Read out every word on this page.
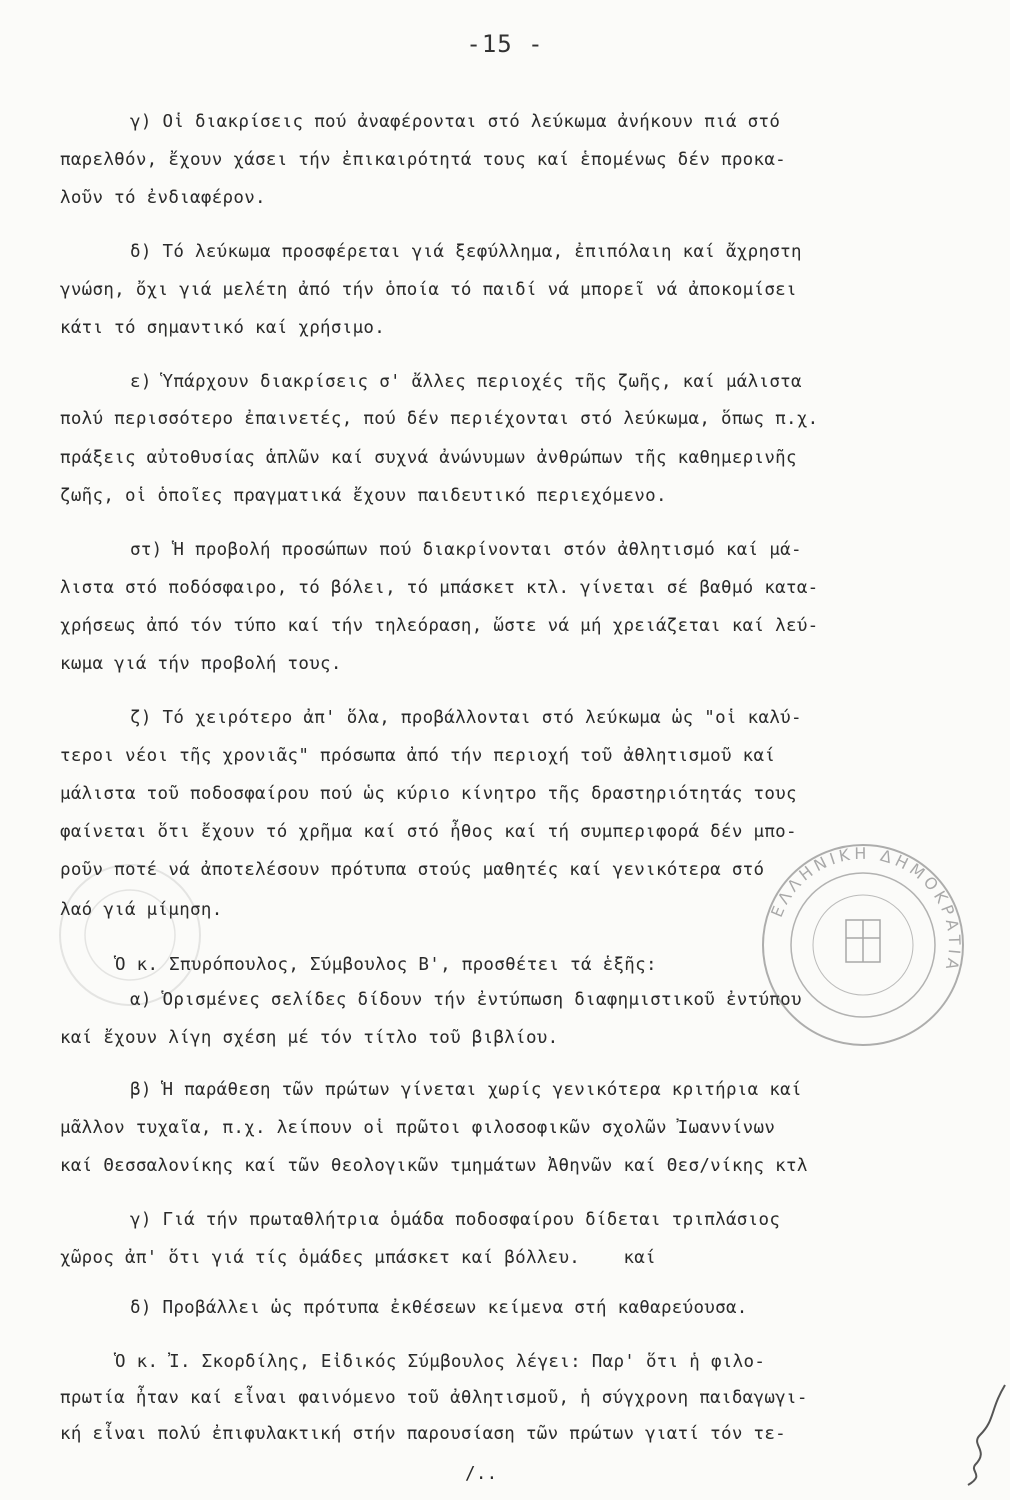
-15 -
γ) Οἱ διακρίσεις πού ἀναφέρονται στό λεύκωμα ἀνήκουν πιά στό
παρελθόν, ἔχουν χάσει τήν ἐπικαιρότητά τους καί ἑπομένως δέν προκα-
λοῦν τό ἐνδιαφέρον.
δ) Τό λεύκωμα προσφέρεται γιά ξεφύλλημα, ἐπιπόλαιη καί ἄχρηστη
γνώση, ὄχι γιά μελέτη ἀπό τήν ὁποία τό παιδί νά μπορεῖ νά ἀποκομίσει
κάτι τό σημαντικό καί χρήσιμο.
ε) Ὑπάρχουν διακρίσεις σ' ἄλλες περιοχές τῆς ζωῆς, καί μάλιστα
πολύ περισσότερο ἐπαινετές, πού δέν περιέχονται στό λεύκωμα, ὅπως π.χ.
πράξεις αὐτοθυσίας ἁπλῶν καί συχνά ἀνώνυμων ἀνθρώπων τῆς καθημερινῆς
ζωῆς, οἱ ὁποῖες πραγματικά ἔχουν παιδευτικό περιεχόμενο.
στ) Ἡ προβολή προσώπων πού διακρίνονται στόν ἀθλητισμό καί μά-
λιστα στό ποδόσφαιρο, τό βόλει, τό μπάσκετ κτλ. γίνεται σέ βαθμό κατα-
χρήσεως ἀπό τόν τύπο καί τήν τηλεόραση, ὥστε νά μή χρειάζεται καί λεύ-
κωμα γιά τήν προβολή τους.
ζ) Τό χειρότερο ἀπ' ὅλα, προβάλλονται στό λεύκωμα ὡς "οἱ καλύ-
τεροι νέοι τῆς χρονιᾶς" πρόσωπα ἀπό τήν περιοχή τοῦ ἀθλητισμοῦ καί
μάλιστα τοῦ ποδοσφαίρου πού ὡς κύριο κίνητρο τῆς δραστηριότητάς τους
φαίνεται ὅτι ἔχουν τό χρῆμα καί στό ἦθος καί τή συμπεριφορά δέν μπο-
ροῦν ποτέ νά ἀποτελέσουν πρότυπα στούς μαθητές καί γενικότερα στό
λαό γιά μίμηση.
Ὁ κ. Σπυρόπουλος, Σύμβουλος Β', προσθέτει τά ἑξῆς:
α) Ὁρισμένες σελίδες δίδουν τήν ἐντύπωση διαφημιστικοῦ ἐντύπου
καί ἔχουν λίγη σχέση μέ τόν τίτλο τοῦ βιβλίου.
β) Ἡ παράθεση τῶν πρώτων γίνεται χωρίς γενικότερα κριτήρια καί
μᾶλλον τυχαῖα, π.χ. λείπουν οἱ πρῶτοι φιλοσοφικῶν σχολῶν Ἰωαννίνων
καί Θεσσαλονίκης καί τῶν θεολογικῶν τμημάτων Ἀθηνῶν καί Θεσ/νίκης κτλ
γ) Γιά τήν πρωταθλήτρια ὁμάδα ποδοσφαίρου δίδεται τριπλάσιος
χῶρος ἀπ' ὅτι γιά τίς ὁμάδες μπάσκετ καί βόλλευ.    καί
δ) Προβάλλει ὡς πρότυπα ἐκθέσεων κείμενα στή καθαρεύουσα.
Ὁ κ. Ἰ. Σκορδίλης, Εἰδικός Σύμβουλος λέγει: Παρ' ὅτι ἡ φιλο-
πρωτία ἦταν καί εἶναι φαινόμενο τοῦ ἀθλητισμοῦ, ἡ σύγχρονη παιδαγωγι-
κή εἶναι πολύ ἐπιφυλακτική στήν παρουσίαση τῶν πρώτων γιατί τόν τε-
/..
ΕΛΛΗΝΙΚΗ ΔΗΜΟΚΡΑΤΙΑ
